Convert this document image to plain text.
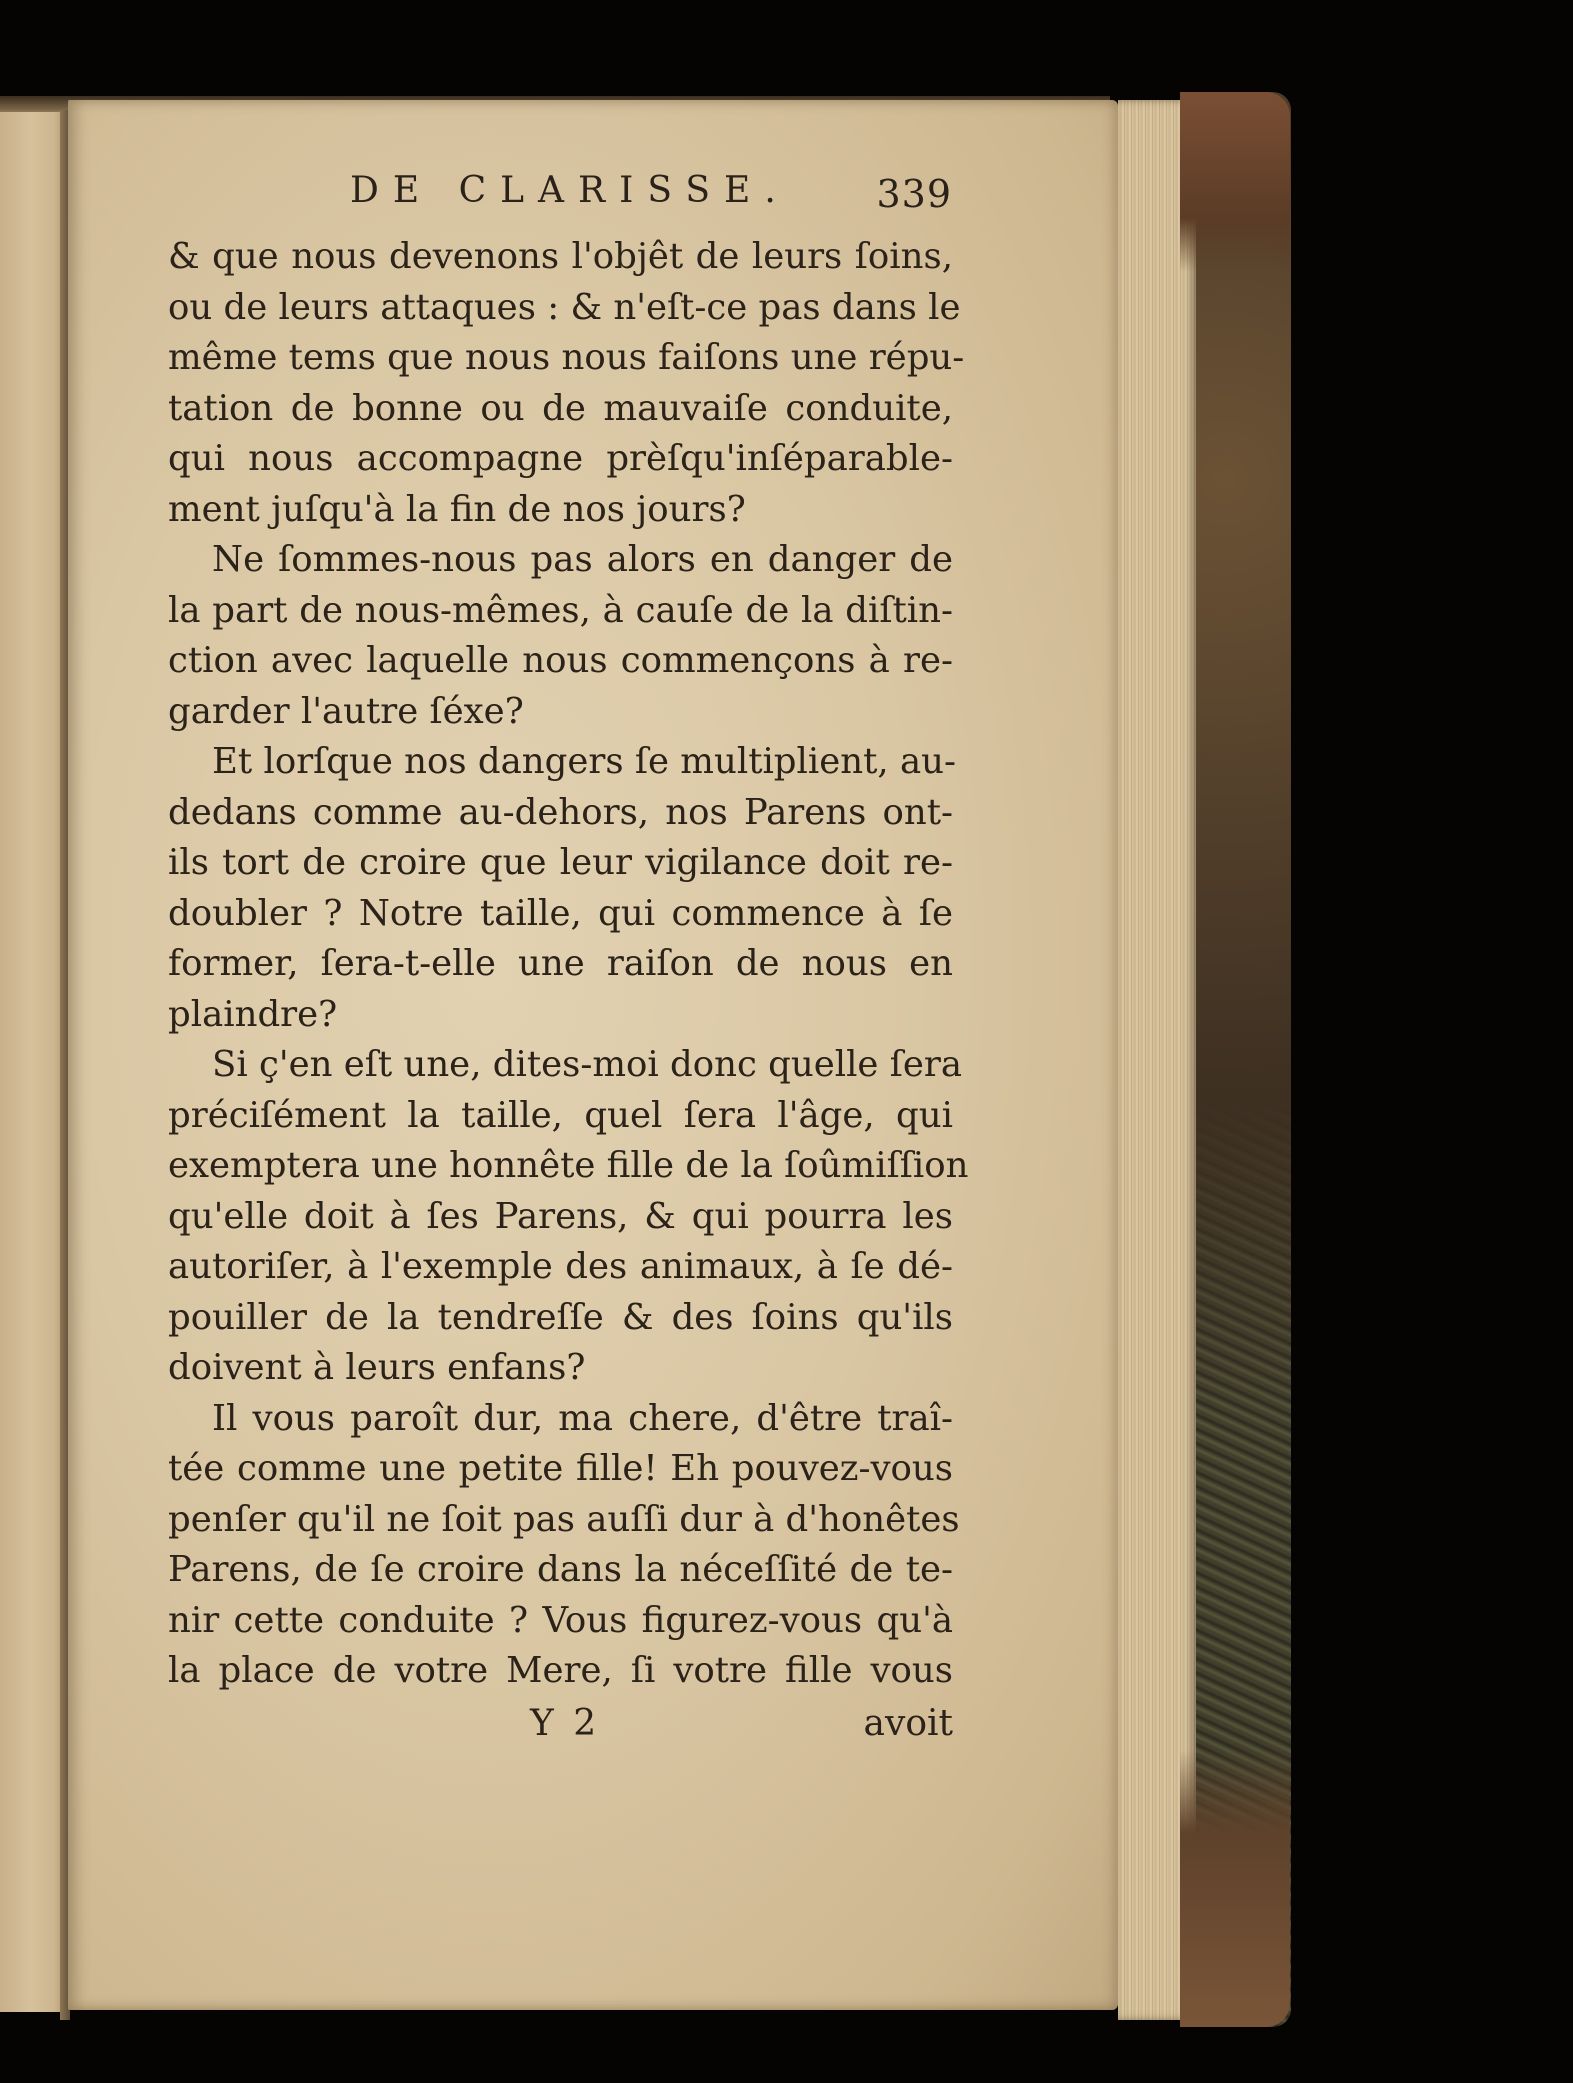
DE CLARISSE. 339
& que nous devenons l'objêt de leurs ſoins,
ou de leurs attaques : & n'eſt-ce pas dans le
même tems que nous nous faiſons une répu-
tation de bonne ou de mauvaiſe conduite,
qui nous accompagne prèſqu'inſéparable-
ment juſqu'à la fin de nos jours?
Ne ſommes-nous pas alors en danger de
la part de nous-mêmes, à cauſe de la diſtin-
ction avec laquelle nous commençons à re-
garder l'autre ſéxe?
Et lorſque nos dangers ſe multiplient, au-
dedans comme au-dehors, nos Parens ont-
ils tort de croire que leur vigilance doit re-
doubler ? Notre taille, qui commence à ſe
former, ſera-t-elle une raiſon de nous en
plaindre?
Si ç'en eſt une, dites-moi donc quelle ſera
préciſément la taille, quel ſera l'âge, qui
exemptera une honnête fille de la ſoûmiſſion
qu'elle doit à ſes Parens, & qui pourra les
autoriſer, à l'exemple des animaux, à ſe dé-
pouiller de la tendreſſe & des ſoins qu'ils
doivent à leurs enfans?
Il vous paroît dur, ma chere, d'être traî-
tée comme une petite fille! Eh pouvez-vous
penſer qu'il ne ſoit pas auſſi dur à d'honêtes
Parens, de ſe croire dans la néceſſité de te-
nir cette conduite ? Vous figurez-vous qu'à
la place de votre Mere, ſi votre fille vous
Y 2	avoit
